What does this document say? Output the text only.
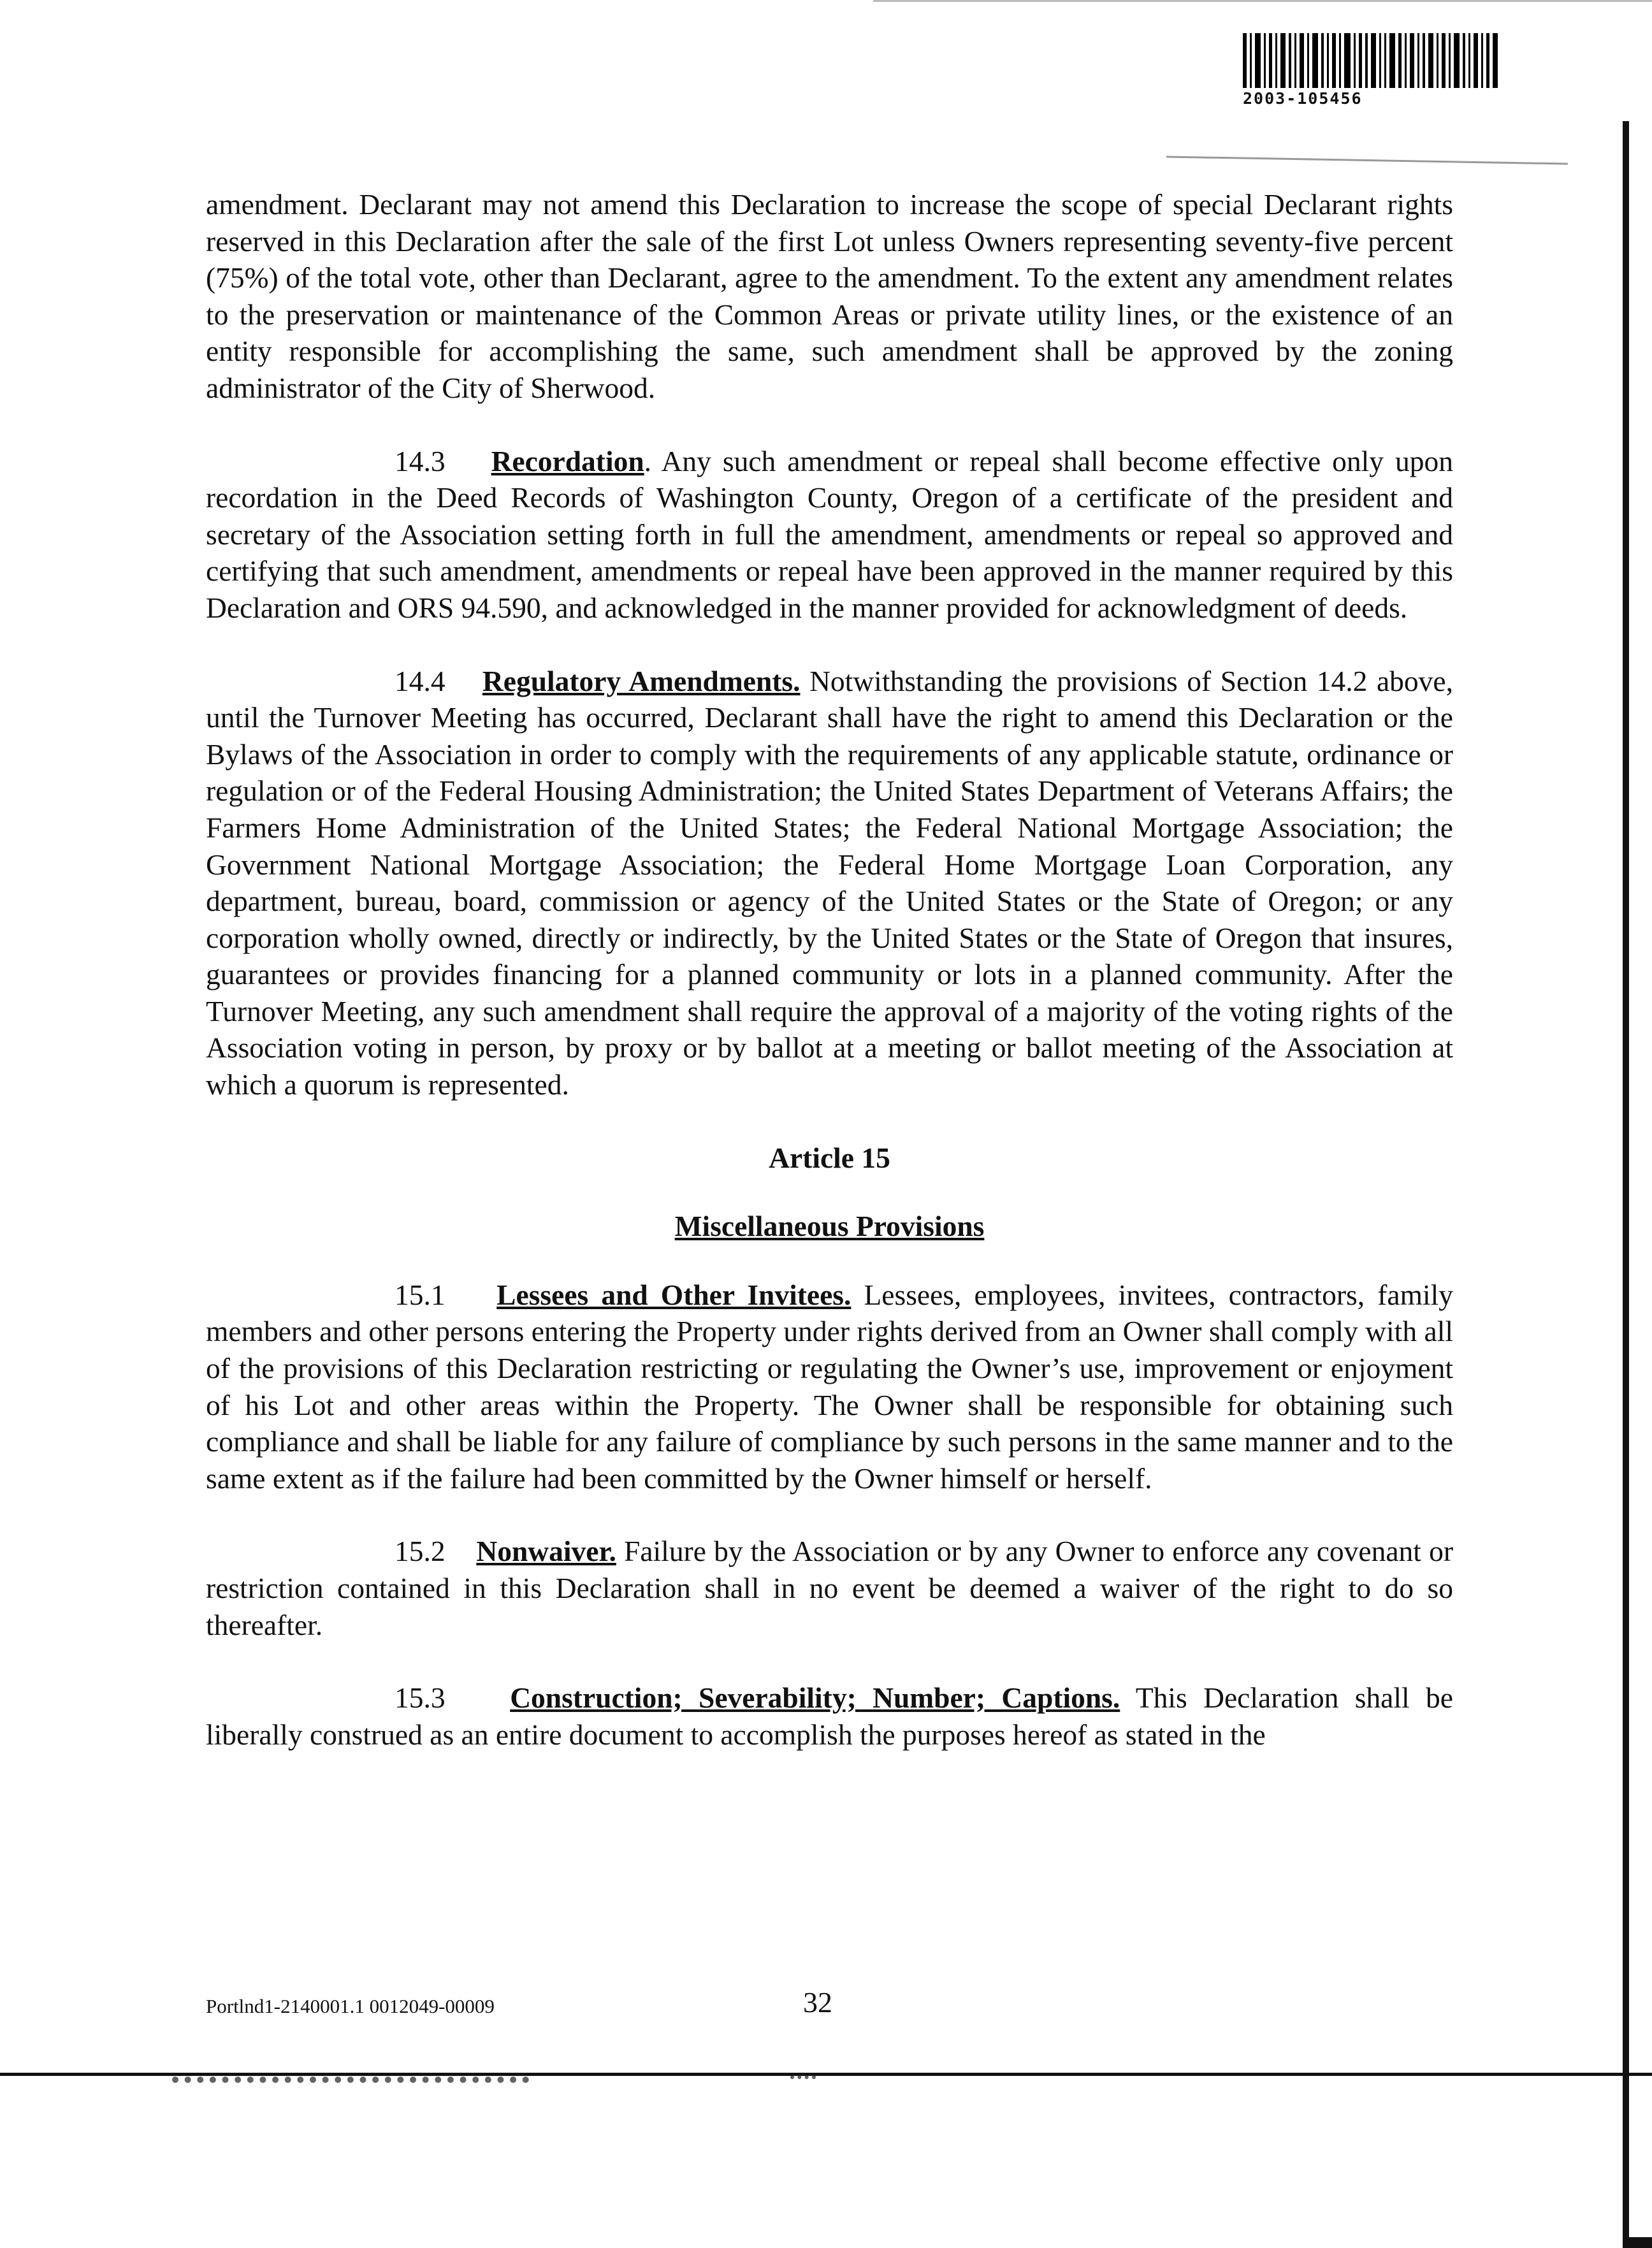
2003-105456

amendment. Declarant may not amend this Declaration to increase the scope of special Declarant rights reserved in this Declaration after the sale of the first Lot unless Owners representing seventy-five percent (75%) of the total vote, other than Declarant, agree to the amendment. To the extent any amendment relates to the preservation or maintenance of the Common Areas or private utility lines, or the existence of an entity responsible for accomplishing the same, such amendment shall be approved by the zoning administrator of the City of Sherwood.

14.3 Recordation. Any such amendment or repeal shall become effective only upon recordation in the Deed Records of Washington County, Oregon of a certificate of the president and secretary of the Association setting forth in full the amendment, amendments or repeal so approved and certifying that such amendment, amendments or repeal have been approved in the manner required by this Declaration and ORS 94.590, and acknowledged in the manner provided for acknowledgment of deeds.

14.4 Regulatory Amendments. Notwithstanding the provisions of Section 14.2 above, until the Turnover Meeting has occurred, Declarant shall have the right to amend this Declaration or the Bylaws of the Association in order to comply with the requirements of any applicable statute, ordinance or regulation or of the Federal Housing Administration; the United States Department of Veterans Affairs; the Farmers Home Administration of the United States; the Federal National Mortgage Association; the Government National Mortgage Association; the Federal Home Mortgage Loan Corporation, any department, bureau, board, commission or agency of the United States or the State of Oregon; or any corporation wholly owned, directly or indirectly, by the United States or the State of Oregon that insures, guarantees or provides financing for a planned community or lots in a planned community. After the Turnover Meeting, any such amendment shall require the approval of a majority of the voting rights of the Association voting in person, by proxy or by ballot at a meeting or ballot meeting of the Association at which a quorum is represented.

Article 15

Miscellaneous Provisions

15.1 Lessees and Other Invitees. Lessees, employees, invitees, contractors, family members and other persons entering the Property under rights derived from an Owner shall comply with all of the provisions of this Declaration restricting or regulating the Owner’s use, improvement or enjoyment of his Lot and other areas within the Property. The Owner shall be responsible for obtaining such compliance and shall be liable for any failure of compliance by such persons in the same manner and to the same extent as if the failure had been committed by the Owner himself or herself.

15.2 Nonwaiver. Failure by the Association or by any Owner to enforce any covenant or restriction contained in this Declaration shall in no event be deemed a waiver of the right to do so thereafter.

15.3 Construction; Severability; Number; Captions. This Declaration shall be liberally construed as an entire document to accomplish the purposes hereof as stated in the

Portlnd1-2140001.1 0012049-00009	32
